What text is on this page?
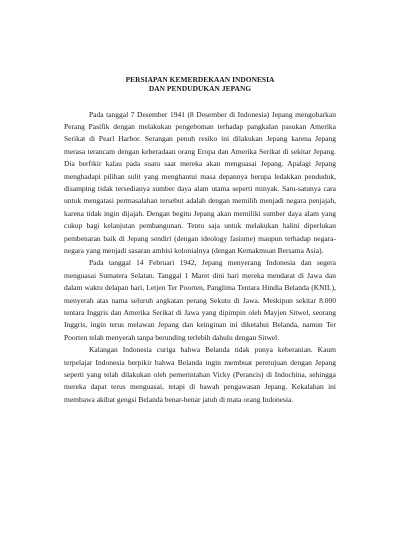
PERSIAPAN KEMERDEKAAN INDONESIA
DAN PENDUDUKAN JEPANG

Pada tanggal 7 Desember 1941 (8 Desember di Indonesia) Jepang mengobarkan Perang Pasifik dengan melakukan pengeboman terhadap pangkalan pasukan Amerika Serikat di Pearl Harbor. Serangan penuh resiko ini dilakukan Jepang karena Jepang merasa terancam dengan keberadaan orang Eropa dan Amerika Serikat di sekitar Jepang. Dia berfikir kalau pada suatu saat mereka akan menguasai Jepang. Apalagi Jepang menghadapi pilihan sulit yang menghantui masa depannya berupa ledakkan penduduk, disamping tidak tersedianya sumber daya alam utama seperti minyak. Satu-satunya cara untuk mengatasi permasalahan tersebut adalah dengan memilih menjadi negara penjajah, karena tidak ingin dijajah. Dengan begitu Jepang akan memiliki sumber daya alam yang cukup bagi kelanjutan pembangunan. Tentu saja untuk melakukan halini diperlukan pembenaran baik di Jepang sendiri (dengan ideology fasisme) maupun terhadap negara-negara yang menjadi sasaran ambisi kolonialnya (dengan Kemakmuan Bersama Asia).

Pada tanggal 14 Februari 1942, Jepang menyerang Indonesia dan segera menguasai Sumatera Selatan. Tanggal 1 Maret dini hari mereka mendarat di Jawa dan dalam waktu delapan hari, Letjen Ter Poorten, Panglima Tentara Hindia Belanda (KNIL), menyerah atas nama seluruh angkatan perang Sekutu di Jawa. Meskipun sekitar 8.000 tentara Inggris dan Amerika Serikat di Jawa yang dipimpin oleh Mayjen Sitwel, seorang Inggris, ingin terus melawan Jepang dan keinginan ini diketahui Belanda, namun Ter Poorten telah menyerah tanpa berunding terlebih dahulu dengan Sitwel.

Kalangan Indonesia curiga bahwa Belanda tidak punya keberanian. Kaum terpelajar Indonesia berpikir bahwa Belanda ingin membuat peretujuan dengan Jepang seperti yang telah dilakukan oleh pemerintahan Vicky (Perancis) di Indochina, sehingga mereka dapat terus menguasai, tetapi di bawah pengawasan Jepang. Kekalahan ini membawa akibat gengsi Belanda benar-benar jatuh di mata orang Indonesia.
